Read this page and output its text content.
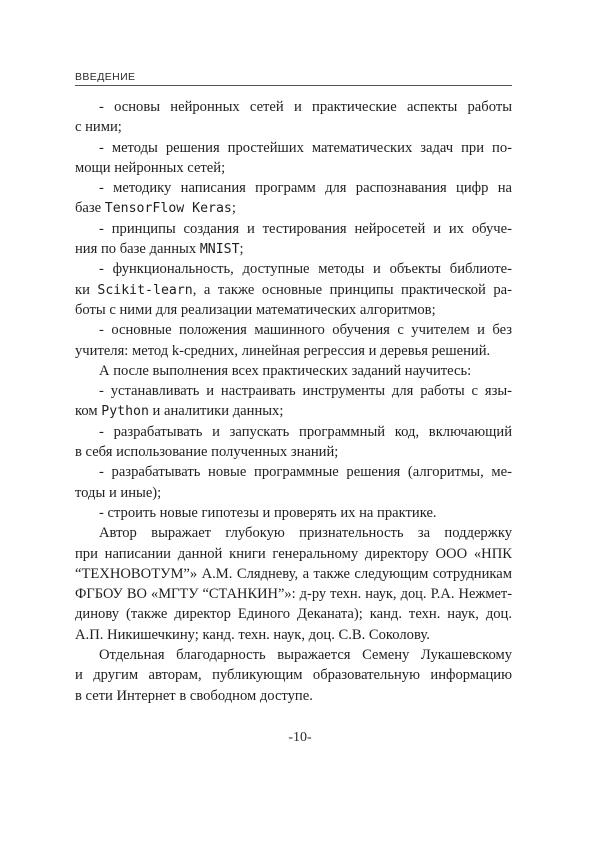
ВВЕДЕНИЕ
- основы нейронных сетей и практические аспекты работы
с ними;
- методы решения простейших математических задач при по-
мощи нейронных сетей;
- методику написания программ для распознавания цифр на
базе TensorFlow Keras;
- принципы создания и тестирования нейросетей и их обуче-
ния по базе данных MNIST;
- функциональность, доступные методы и объекты библиоте-
ки Scikit-learn, а также основные принципы практической ра-
боты с ними для реализации математических алгоритмов;
- основные положения машинного обучения с учителем и без
учителя: метод k-средних, линейная регрессия и деревья решений.
А после выполнения всех практических заданий научитесь:
- устанавливать и настраивать инструменты для работы с язы-
ком Python и аналитики данных;
- разрабатывать и запускать программный код, включающий
в себя использование полученных знаний;
- разрабатывать новые программные решения (алгоритмы, ме-
тоды и иные);
- строить новые гипотезы и проверять их на практике.
Автор выражает глубокую признательность за поддержку
при написании данной книги генеральному директору ООО «НПК
“ТЕХНОВОТУМ”» А.М. Слядневу, а также следующим сотрудникам
ФГБОУ ВО «МГТУ “СТАНКИН”»: д-ру техн. наук, доц. Р.А. Нежмет-
динову (также директор Единого Деканата); канд. техн. наук, доц.
А.П. Никишечкину; канд. техн. наук, доц. С.В. Соколову.
Отдельная благодарность выражается Семену Лукашевскому
и другим авторам, публикующим образовательную информацию
в сети Интернет в свободном доступе.
-10-
